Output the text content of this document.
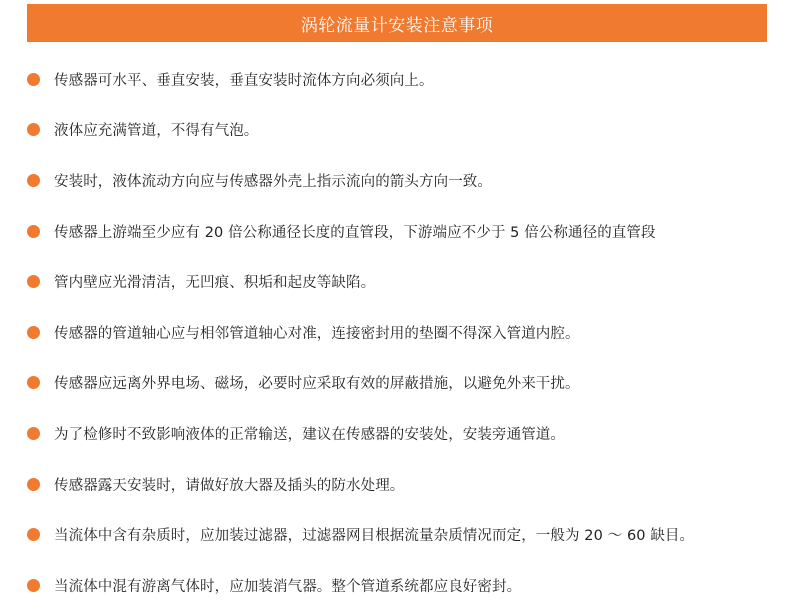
涡轮流量计安装注意事项
传感器可水平、垂直安装，垂直安装时流体方向必须向上。
液体应充满管道，不得有气泡。
安装时，液体流动方向应与传感器外壳上指示流向的箭头方向一致。
传感器上游端至少应有 20 倍公称通径长度的直管段，下游端应不少于 5 倍公称通径的直管段
管内壁应光滑清洁，无凹痕、积垢和起皮等缺陷。
传感器的管道轴心应与相邻管道轴心对准，连接密封用的垫圈不得深入管道内腔。
传感器应远离外界电场、磁场，必要时应采取有效的屏蔽措施，以避免外来干扰。
为了检修时不致影响液体的正常输送，建议在传感器的安装处，安装旁通管道。
传感器露天安装时，请做好放大器及插头的防水处理。
当流体中含有杂质时，应加装过滤器，过滤器网目根据流量杂质情况而定，一般为 20 ～ 60 缺目。
当流体中混有游离气体时，应加装消气器。整个管道系统都应良好密封。
